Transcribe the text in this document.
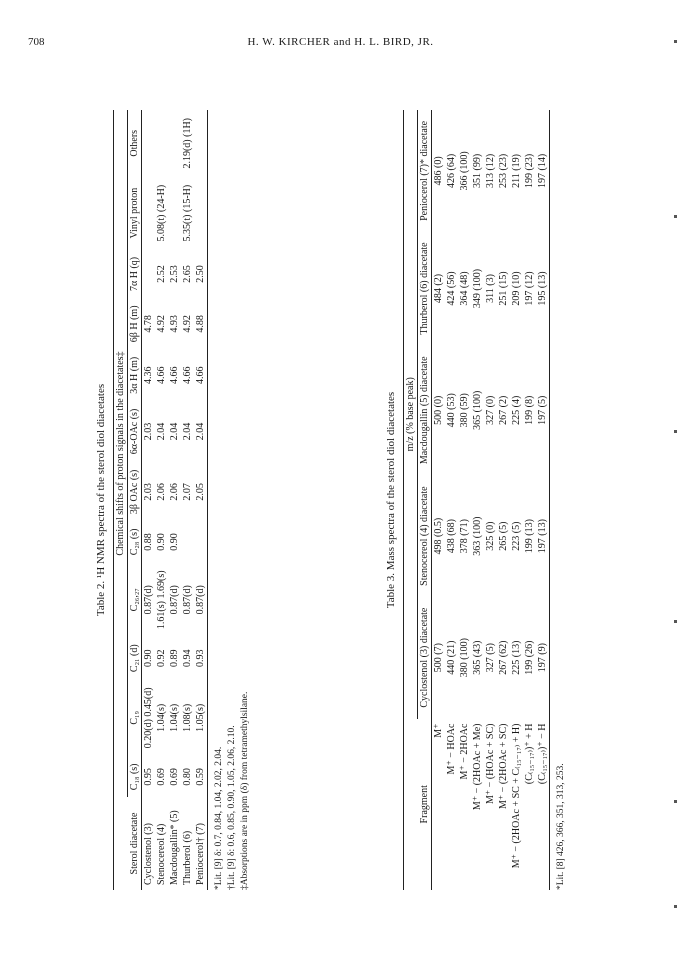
708	H. W. KIRCHER and H. L. BIRD, JR.
Table 2. ¹H NMR spectra of the sterol diol diacetates
	Chemical shifts of proton signals in the diacetates‡											
Sterol diacetate	C₁₈ (s)	C₁₉	C₂₁ (d)	C₂₆,₂₇	C₂₈ (s)	3β OAc (s)	6α-OAc (s)	3α H (m)	6β H (m)	7α H (q)	Vinyl proton	Others
Cyclostenol (3)	0.95	0.20(d) 0.45(d)	0.90	0.87(d)	0.88	2.03	2.03	4.36	4.78			
Stenocereol (4)	0.69	1.04(s)	0.92	1.61(s) 1.69(s)	0.90	2.06	2.04	4.66	4.92	2.52	5.08(t) (24-H)	
Macdougallin* (5)	0.69	1.04(s)	0.89	0.87(d)	0.90	2.06	2.04	4.66	4.93	2.53		
Thurberol (6)	0.80	1.08(s)	0.94	0.87(d)		2.07	2.04	4.66	4.92	2.65	5.35(t) (15-H)	2.19(d) (1H)
Peniocerol† (7)	0.59	1.05(s)	0.93	0.87(d)		2.05	2.04	4.66	4.88	2.50		
*Lit. [9] δ: 0.7, 0.84, 1.04, 2.02, 2.04. †Lit. [9] δ: 0.6, 0.85, 0.90, 1.05, 2.06, 2.10. ‡Absorptions are in ppm (δ) from tetramethylsilane.
Table 3. Mass spectra of the sterol diol diacetates
	m/z (% base peak)				
Fragment	Cyclostenol (3) diacetate	Stenocereol (4) diacetate	Macdougallin (5) diacetate	Thurberol (6) diacetate	Peniocerol (7)* diacetate
M⁺	500 (7)	498 (0.5)	500 (0)	484 (2)	486 (0)
M⁺ − HOAc	440 (21)	438 (68)	440 (53)	424 (56)	426 (64)
M⁺ − 2HOAc	380 (100)	378 (71)	380 (59)	364 (48)	366 (100)
M⁺ − (2HOAc + Me)	365 (43)	363 (100)	365 (100)	349 (100)	351 (99)
M⁺ − (HOAc + SC)	327 (5)	325 (0)	327 (0)	311 (3)	313 (12)
M⁺ − (2HOAc + SC)	267 (62)	265 (5)	267 (2)	251 (15)	253 (23)
M⁺ − (2HOAc + SC + C₍₁₅₋₁₇₎ + H)	225 (13)	223 (5)	225 (4)	209 (10)	211 (19)
(C₍₁₅₋₁₇₎)⁺ + H	199 (26)	199 (13)	199 (8)	197 (12)	199 (23)
(C₍₁₅₋₁₇₎)⁺ − H	197 (9)	197 (13)	197 (5)	195 (13)	197 (14)
*Lit. [8] 426, 366, 351, 313, 253.
